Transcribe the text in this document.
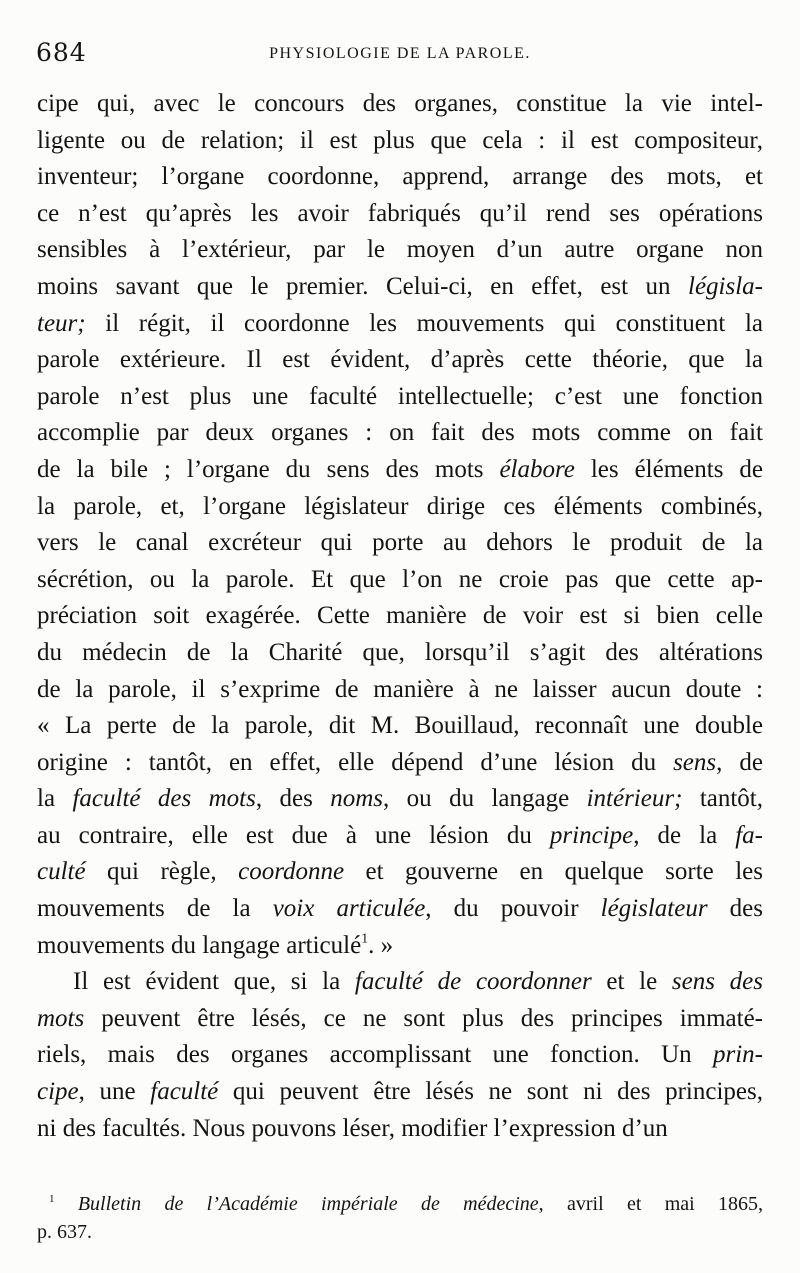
684	PHYSIOLOGIE DE LA PAROLE.
cipe qui, avec le concours des organes, constitue la vie intel-
ligente ou de relation; il est plus que cela : il est compositeur,
inventeur; l’organe coordonne, apprend, arrange des mots, et
ce n’est qu’après les avoir fabriqués qu’il rend ses opérations
sensibles à l’extérieur, par le moyen d’un autre organe non
moins savant que le premier. Celui-ci, en effet, est un législa-
teur; il régit, il coordonne les mouvements qui constituent la
parole extérieure. Il est évident, d’après cette théorie, que la
parole n’est plus une faculté intellectuelle; c’est une fonction
accomplie par deux organes : on fait des mots comme on fait
de la bile ; l’organe du sens des mots élabore les éléments de
la parole, et, l’organe législateur dirige ces éléments combinés,
vers le canal excréteur qui porte au dehors le produit de la
sécrétion, ou la parole. Et que l’on ne croie pas que cette ap-
préciation soit exagérée. Cette manière de voir est si bien celle
du médecin de la Charité que, lorsqu’il s’agit des altérations
de la parole, il s’exprime de manière à ne laisser aucun doute :
« La perte de la parole, dit M. Bouillaud, reconnaît une double
origine : tantôt, en effet, elle dépend d’une lésion du sens, de
la faculté des mots, des noms, ou du langage intérieur; tantôt,
au contraire, elle est due à une lésion du principe, de la fa-
culté qui règle, coordonne et gouverne en quelque sorte les
mouvements de la voix articulée, du pouvoir législateur des
mouvements du langage articulé$^1$. »
Il est évident que, si la faculté de coordonner et le sens des
mots peuvent être lésés, ce ne sont plus des principes immaté-
riels, mais des organes accomplissant une fonction. Un prin-
cipe, une faculté qui peuvent être lésés ne sont ni des principes,
ni des facultés. Nous pouvons léser, modifier l’expression d’un
$^1$ Bulletin de l’Académie impériale de médecine, avril et mai 1865,
p. 637.
